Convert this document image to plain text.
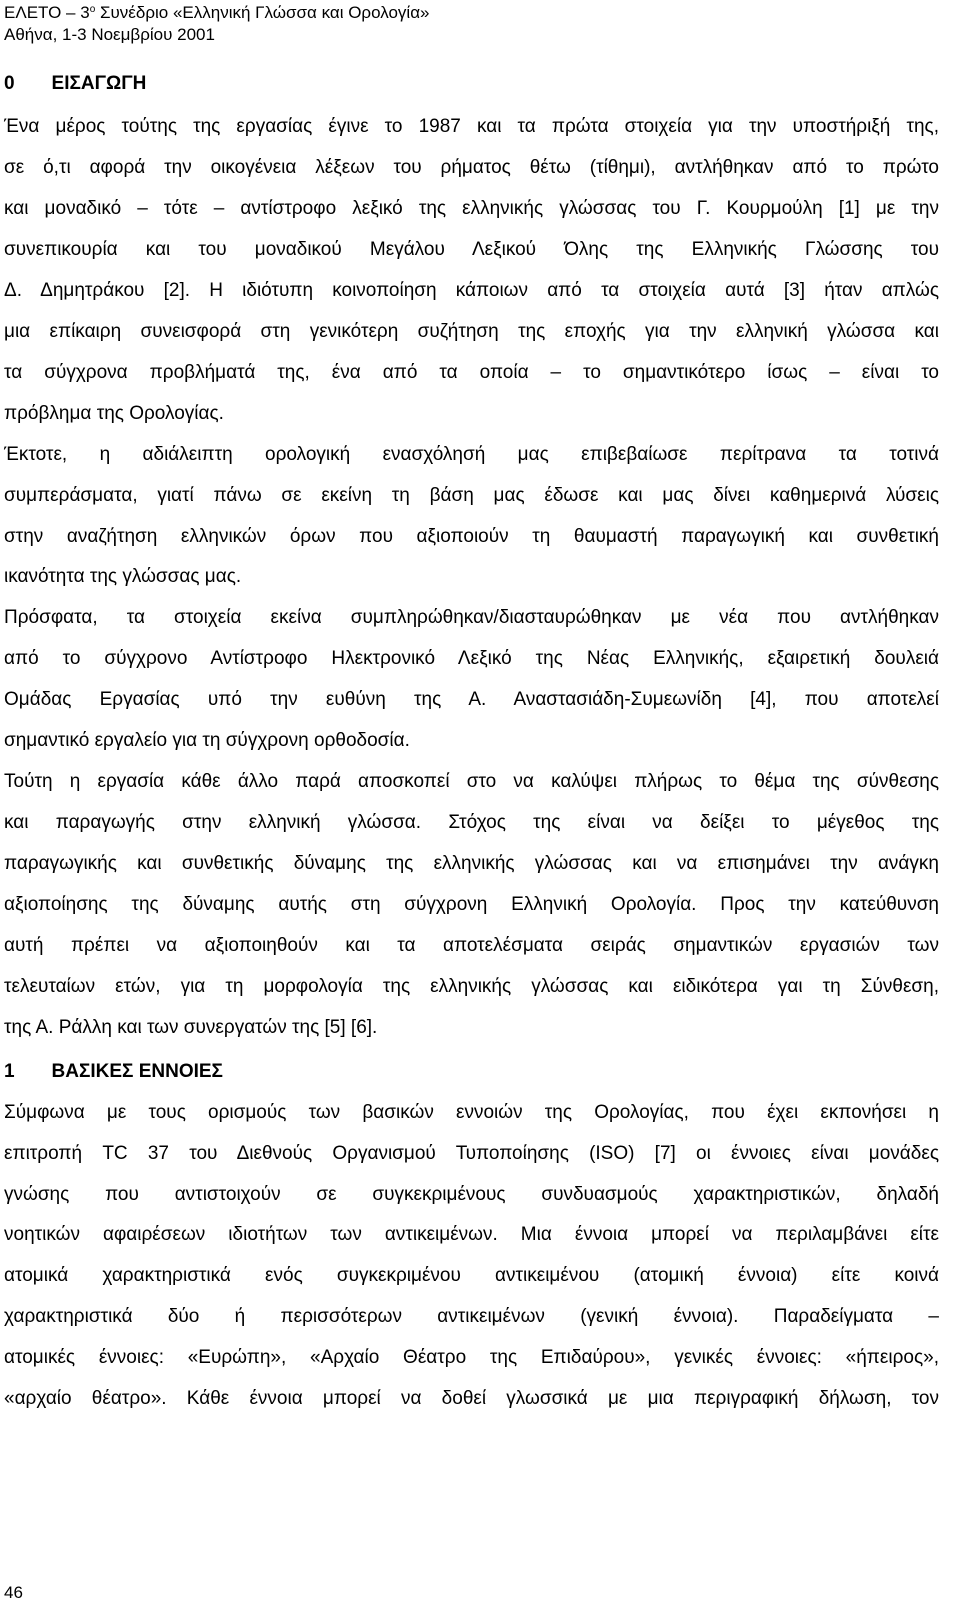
ΕΛΕΤΟ – $3^o$ Συνέδριο «Ελληνική Γλώσσα και Ορολογία»
Αθήνα, 1-3 Νοεμβρίου 2001
0       ΕΙΣΑΓΩΓΗ
Ένα μέρος τούτης της εργασίας έγινε το 1987 και τα πρώτα στοιχεία για την υποστήριξή της,
σε ό,τι αφορά την οικογένεια λέξεων του ρήματος θέτω (τίθημι), αντλήθηκαν από το πρώτο
και μοναδικό – τότε – αντίστροφο λεξικό της ελληνικής γλώσσας του Γ. Κουρμούλη [1] με την
συνεπικουρία και του μοναδικού Μεγάλου Λεξικού Όλης της Ελληνικής Γλώσσης του
Δ. Δημητράκου [2]. Η ιδιότυπη κοινοποίηση κάποιων από τα στοιχεία αυτά [3] ήταν απλώς
μια επίκαιρη συνεισφορά στη γενικότερη συζήτηση της εποχής για την ελληνική γλώσσα και
τα σύγχρονα προβλήματά της, ένα από τα οποία – το σημαντικότερο ίσως – είναι το
πρόβλημα της Ορολογίας.
Έκτοτε, η αδιάλειπτη ορολογική ενασχόλησή μας επιβεβαίωσε περίτρανα τα τοτινά
συμπεράσματα, γιατί πάνω σε εκείνη τη βάση μας έδωσε και μας δίνει καθημερινά λύσεις
στην αναζήτηση ελληνικών όρων που αξιοποιούν τη θαυμαστή παραγωγική και συνθετική
ικανότητα της γλώσσας μας.
Πρόσφατα, τα στοιχεία εκείνα συμπληρώθηκαν/διασταυρώθηκαν με νέα που αντλήθηκαν
από το σύγχρονο Αντίστροφο Ηλεκτρονικό Λεξικό της Νέας Ελληνικής, εξαιρετική δουλειά
Ομάδας Εργασίας υπό την ευθύνη της Α. Αναστασιάδη-Συμεωνίδη [4], που αποτελεί
σημαντικό εργαλείο για τη σύγχρονη ορθοδοσία.
Τούτη η εργασία κάθε άλλο παρά αποσκοπεί στο να καλύψει πλήρως το θέμα της σύνθεσης
και παραγωγής στην ελληνική γλώσσα. Στόχος της είναι να δείξει το μέγεθος της
παραγωγικής και συνθετικής δύναμης της ελληνικής γλώσσας και να επισημάνει την ανάγκη
αξιοποίησης της δύναμης αυτής στη σύγχρονη Ελληνική Ορολογία. Προς την κατεύθυνση
αυτή πρέπει να αξιοποιηθούν και τα αποτελέσματα σειράς σημαντικών εργασιών των
τελευταίων ετών, για τη μορφολογία της ελληνικής γλώσσας και ειδικότερα γαι τη Σύνθεση,
της Α. Ράλλη και των συνεργατών της [5] [6].
1       ΒΑΣΙΚΕΣ ΕΝΝΟΙΕΣ
Σύμφωνα με τους ορισμούς των βασικών εννοιών της Ορολογίας, που έχει εκπονήσει η
επιτροπή TC 37 του Διεθνούς Οργανισμού Τυποποίησης (ISO) [7] οι έννοιες είναι μονάδες
γνώσης που αντιστοιχούν σε συγκεκριμένους συνδυασμούς χαρακτηριστικών, δηλαδή
νοητικών αφαιρέσεων ιδιοτήτων των αντικειμένων. Μια έννοια μπορεί να περιλαμβάνει είτε
ατομικά χαρακτηριστικά ενός συγκεκριμένου αντικειμένου (ατομική έννοια) είτε κοινά
χαρακτηριστικά δύο ή περισσότερων αντικειμένων (γενική έννοια). Παραδείγματα –
ατομικές έννοιες: «Ευρώπη», «Αρχαίο Θέατρο της Επιδαύρου», γενικές έννοιες: «ήπειρος»,
«αρχαίο θέατρο». Κάθε έννοια μπορεί να δοθεί γλωσσικά με μια περιγραφική δήλωση, τον
46
